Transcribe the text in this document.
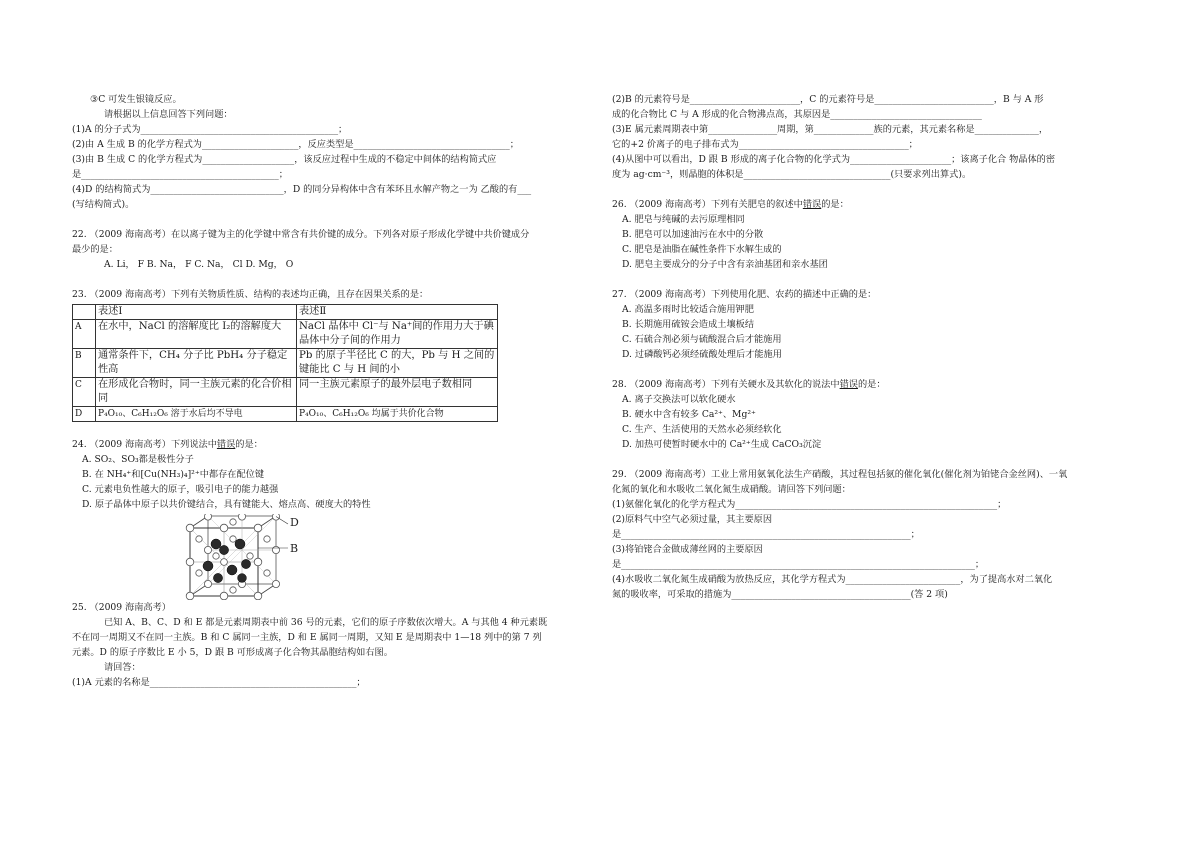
③C 可发生银镜反应。
请根据以上信息回答下列问题：
(1)A 的分子式为___________________________________________；
(2)由 A 生成 B 的化学方程式为_____________________，反应类型是__________________________________；
(3)由 B 生成 C 的化学方程式为____________________，该反应过程中生成的不稳定中间体的结构简式应
是___________________________________________；
(4)D 的结构简式为_____________________________，D 的同分异构体中含有苯环且水解产物之一为 乙酸的有___
(写结构简式)。
22. （2009 海南高考）在以离子键为主的化学键中常含有共价键的成分。下列各对原子形成化学键中共价键成分
最少的是：
A. Li， F B. Na， F C. Na， Cl D. Mg， O
23. （2009 海南高考）下列有关物质性质、结构的表述均正确，且存在因果关系的是：
	表述Ⅰ	表述Ⅱ
A	在水中，NaCl 的溶解度比 I₂的溶解度大	NaCl 晶体中 Cl⁻与 Na⁺间的作用力大于碘晶体中分子间的作用力
B	通常条件下，CH₄ 分子比 PbH₄ 分子稳定性高	Pb 的原子半径比 C 的大，Pb 与 H 之间的键能比 C 与 H 间的小
C	在形成化合物时，同一主族元素的化合价相同	同一主族元素原子的最外层电子数相同
D	P₄O₁₀、C₆H₁₂O₆ 溶于水后均不导电	P₄O₁₀、C₆H₁₂O₆ 均属于共价化合物
24. （2009 海南高考）下列说法中错误的是：
A. SO₂、SO₃都是极性分子
B. 在 NH₄⁺和[Cu(NH₃)₄]²⁺中都存在配位键
C. 元素电负性越大的原子，吸引电子的能力越强
D. 原子晶体中原子以共价键结合，具有键能大、熔点高、硬度大的特性
D
B
25. （2009 海南高考）
已知 A、B、C、D 和 E 都是元素周期表中前 36 号的元素，它们的原子序数依次增大。A 与其他 4 种元素既
不在同一周期又不在同一主族。B 和 C 属同一主族，D 和 E 属同一周期，又知 E 是周期表中 1—18 列中的第 7 列
元素。D 的原子序数比 E 小 5，D 跟 B 可形成离子化合物其晶胞结构如右图。
请回答：
(1)A 元素的名称是_____________________________________________；
(2)B 的元素符号是________________________，C 的元素符号是__________________________，B 与 A 形
成的化合物比 C 与 A 形成的化合物沸点高，其原因是_________________________________
(3)E 属元素周期表中第_______________周期，第_____________族的元素，其元素名称是______________，
它的+2 价离子的电子排布式为_____________________________________；
(4)从图中可以看出，D 跟 B 形成的离子化合物的化学式为______________________；该离子化合 物晶体的密
度为 ag·cm⁻³，则晶胞的体积是________________________________(只要求列出算式)。
26. （2009 海南高考）下列有关肥皂的叙述中错误的是：
A. 肥皂与纯碱的去污原理相同
B. 肥皂可以加速油污在水中的分散
C. 肥皂是油脂在碱性条件下水解生成的
D. 肥皂主要成分的分子中含有亲油基团和亲水基团
27. （2009 海南高考）下列使用化肥、农药的描述中正确的是：
A. 高温多雨时比较适合施用钾肥
B. 长期施用硫铵会造成土壤板结
C. 石硫合剂必须与硫酸混合后才能施用
D. 过磷酸钙必须经硫酸处理后才能施用
28. （2009 海南高考）下列有关硬水及其软化的说法中错误的是：
A. 离子交换法可以软化硬水
B. 硬水中含有较多 Ca²⁺、Mg²⁺
C. 生产、生活使用的天然水必须经软化
D. 加热可使暂时硬水中的 Ca²⁺生成 CaCO₃沉淀
29. （2009 海南高考）工业上常用氨氧化法生产硝酸，其过程包括氨的催化氧化(催化剂为铂铑合金丝网)、一氧
化氮的氧化和水吸收二氧化氮生成硝酸。请回答下列问题：
(1)氨催化氧化的化学方程式为_________________________________________________________；
(2)原料气中空气必须过量，其主要原因
是_______________________________________________________________；
(3)将铂铑合金做成薄丝网的主要原因
是_____________________________________________________________________________；
(4)水吸收二氧化氮生成硝酸为放热反应，其化学方程式为_________________________，为了提高水对二氧化
氮的吸收率，可采取的措施为_______________________________________(答 2 项)
